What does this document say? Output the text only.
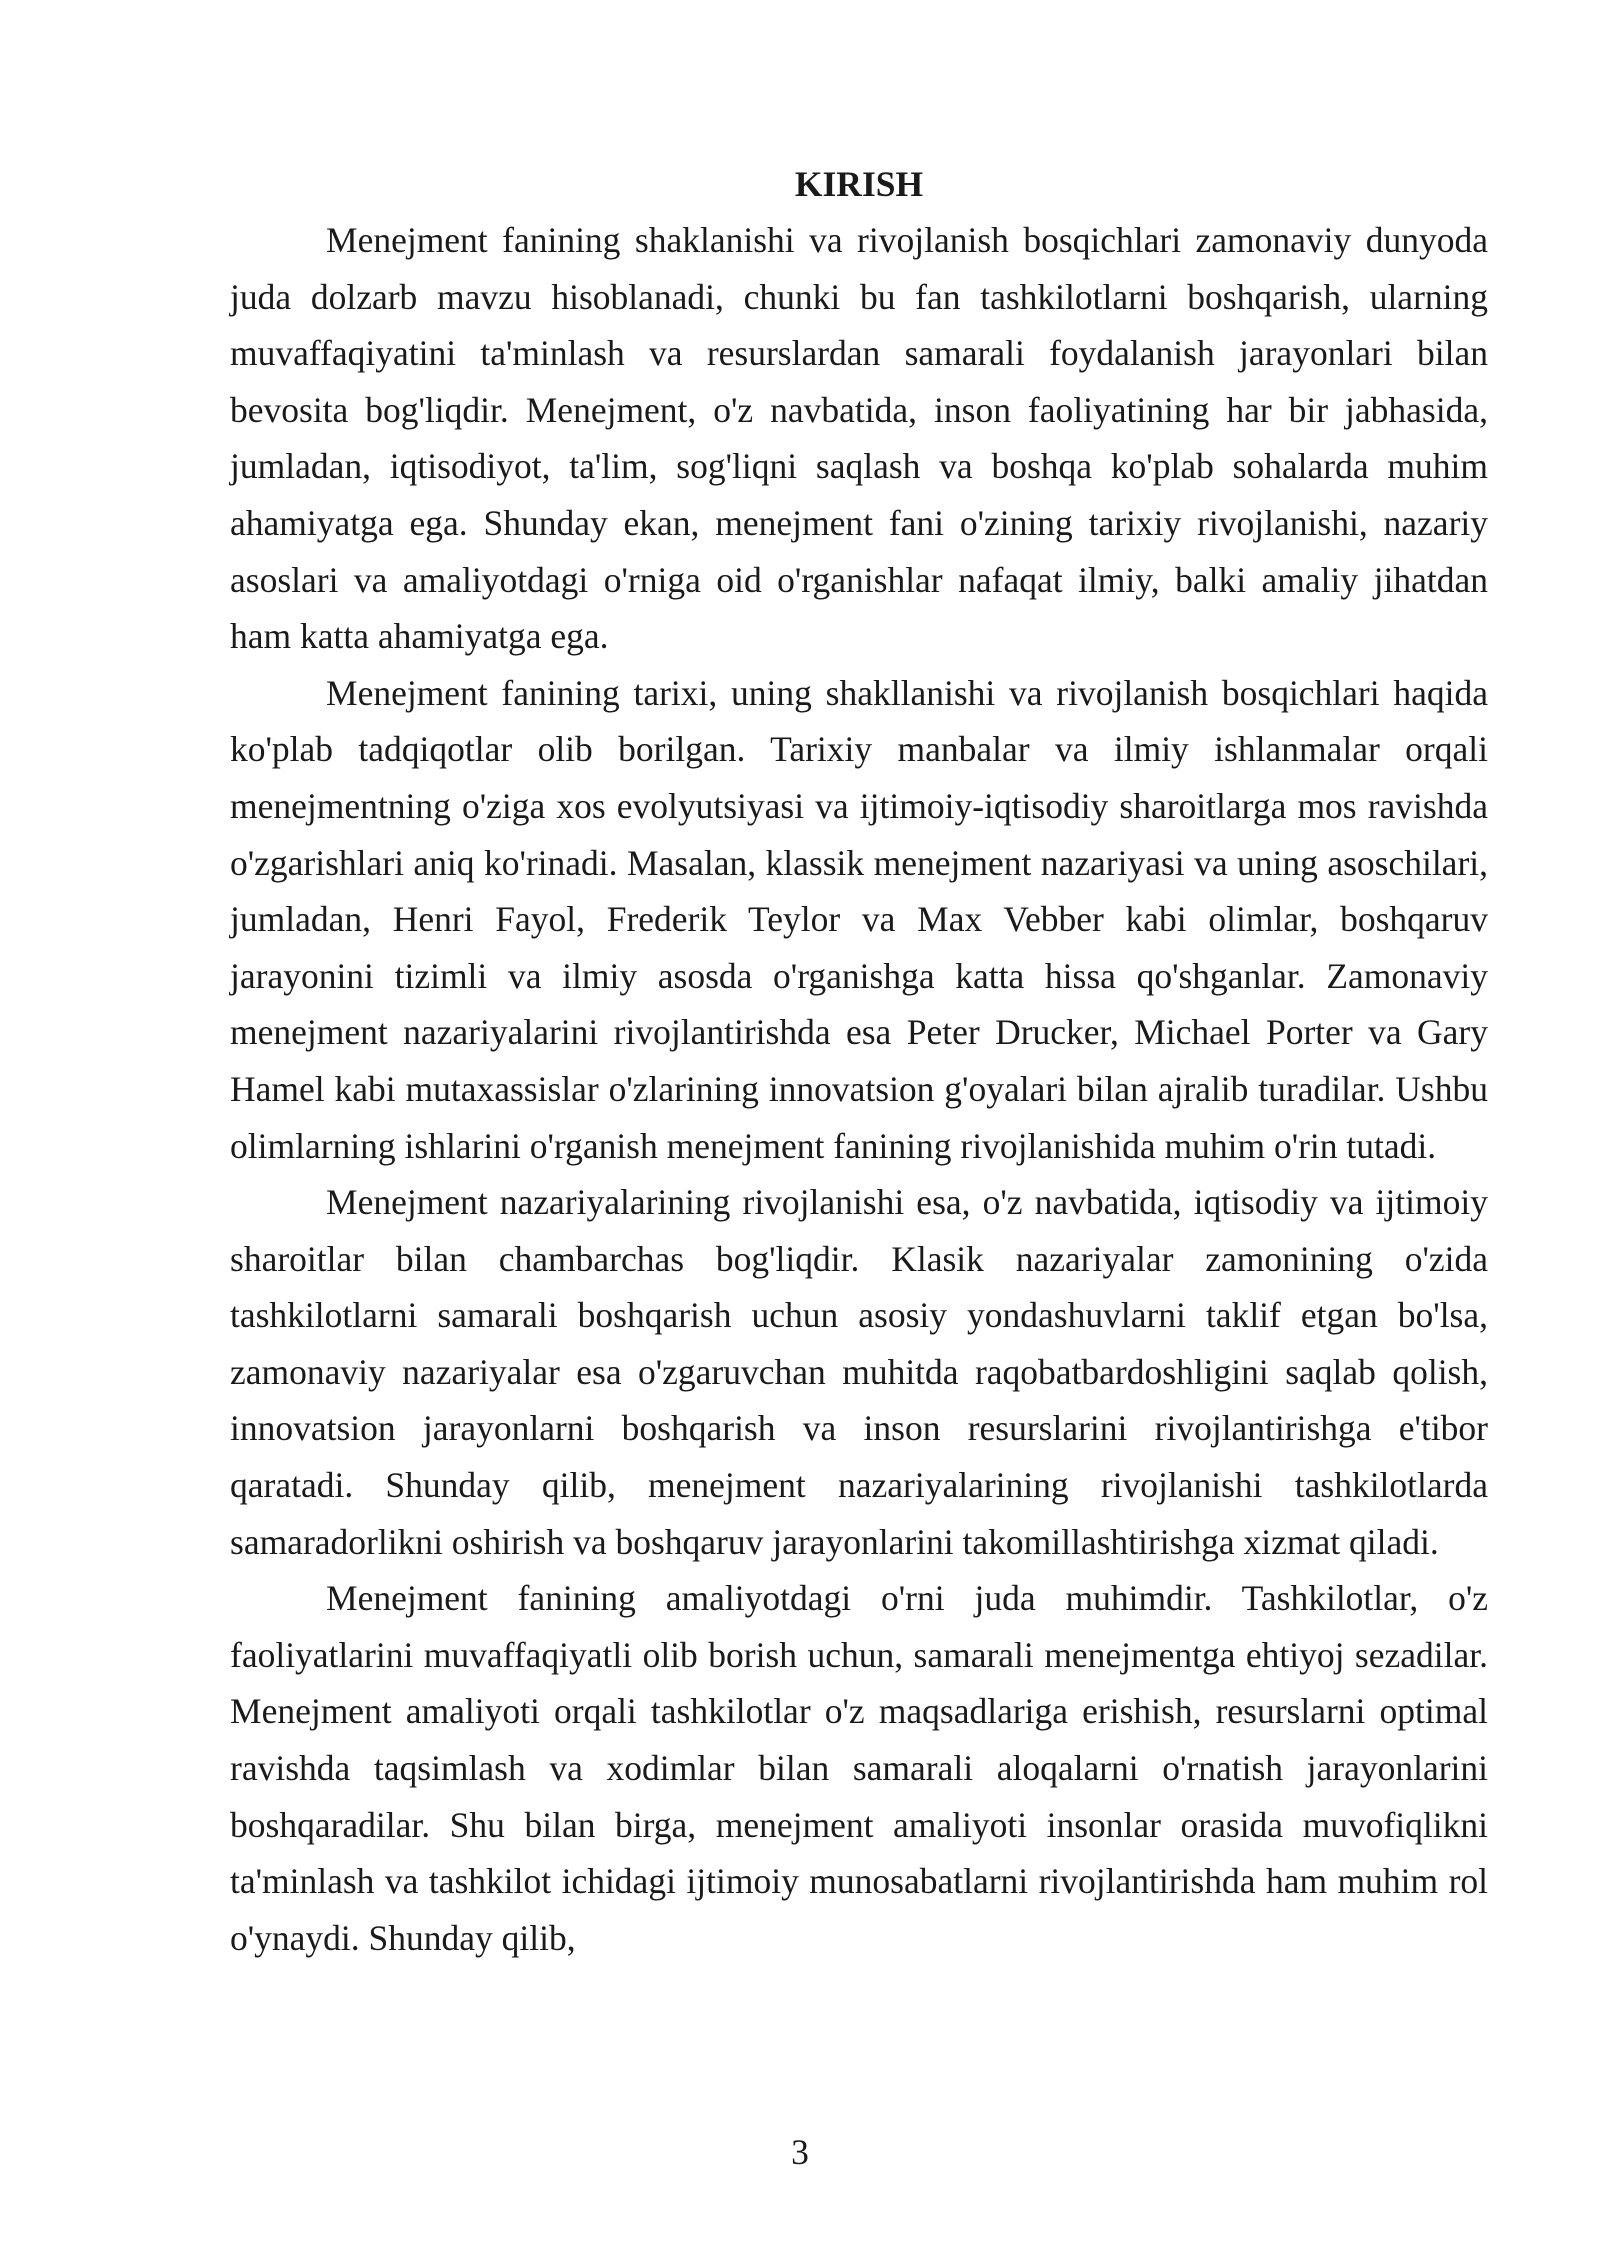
KIRISH

Menejment fanining shaklanishi va rivojlanish bosqichlari zamonaviy dunyoda juda dolzarb mavzu hisoblanadi, chunki bu fan tashkilotlarni boshqarish, ularning muvaffaqiyatini ta'minlash va resurslardan samarali foydalanish jarayonlari bilan bevosita bog'liqdir. Menejment, o'z navbatida, inson faoliyatining har bir jabhasida, jumladan, iqtisodiyot, ta'lim, sog'liqni saqlash va boshqa ko'plab sohalarda muhim ahamiyatga ega. Shunday ekan, menejment fani o'zining tarixiy rivojlanishi, nazariy asoslari va amaliyotdagi o'rniga oid o'rganishlar nafaqat ilmiy, balki amaliy jihatdan ham katta ahamiyatga ega.

Menejment fanining tarixi, uning shakllanishi va rivojlanish bosqichlari haqida ko'plab tadqiqotlar olib borilgan. Tarixiy manbalar va ilmiy ishlanmalar orqali menejmentning o'ziga xos evolyutsiyasi va ijtimoiy-iqtisodiy sharoitlarga mos ravishda o'zgarishlari aniq ko'rinadi. Masalan, klassik menejment nazariyasi va uning asoschilari, jumladan, Henri Fayol, Frederik Teylor va Max Vebber kabi olimlar, boshqaruv jarayonini tizimli va ilmiy asosda o'rganishga katta hissa qo'shganlar. Zamonaviy menejment nazariyalarini rivojlantirishda esa Peter Drucker, Michael Porter va Gary Hamel kabi mutaxassislar o'zlarining innovatsion g'oyalari bilan ajralib turadilar. Ushbu olimlarning ishlarini o'rganish menejment fanining rivojlanishida muhim o'rin tutadi.

Menejment nazariyalarining rivojlanishi esa, o'z navbatida, iqtisodiy va ijtimoiy sharoitlar bilan chambarchas bog'liqdir. Klasik nazariyalar zamonining o'zida tashkilotlarni samarali boshqarish uchun asosiy yondashuvlarni taklif etgan bo'lsa, zamonaviy nazariyalar esa o'zgaruvchan muhitda raqobatbardoshligini saqlab qolish, innovatsion jarayonlarni boshqarish va inson resurslarini rivojlantirishga e'tibor qaratadi. Shunday qilib, menejment nazariyalarining rivojlanishi tashkilotlarda samaradorlikni oshirish va boshqaruv jarayonlarini takomillashtirishga xizmat qiladi.

Menejment fanining amaliyotdagi o'rni juda muhimdir. Tashkilotlar, o'z faoliyatlarini muvaffaqiyatli olib borish uchun, samarali menejmentga ehtiyoj sezadilar. Menejment amaliyoti orqali tashkilotlar o'z maqsadlariga erishish, resurslarni optimal ravishda taqsimlash va xodimlar bilan samarali aloqalarni o'rnatish jarayonlarini boshqaradilar. Shu bilan birga, menejment amaliyoti insonlar orasida muvofiqlikni ta'minlash va tashkilot ichidagi ijtimoiy munosabatlarni rivojlantirishda ham muhim rol o'ynaydi. Shunday qilib,

3
